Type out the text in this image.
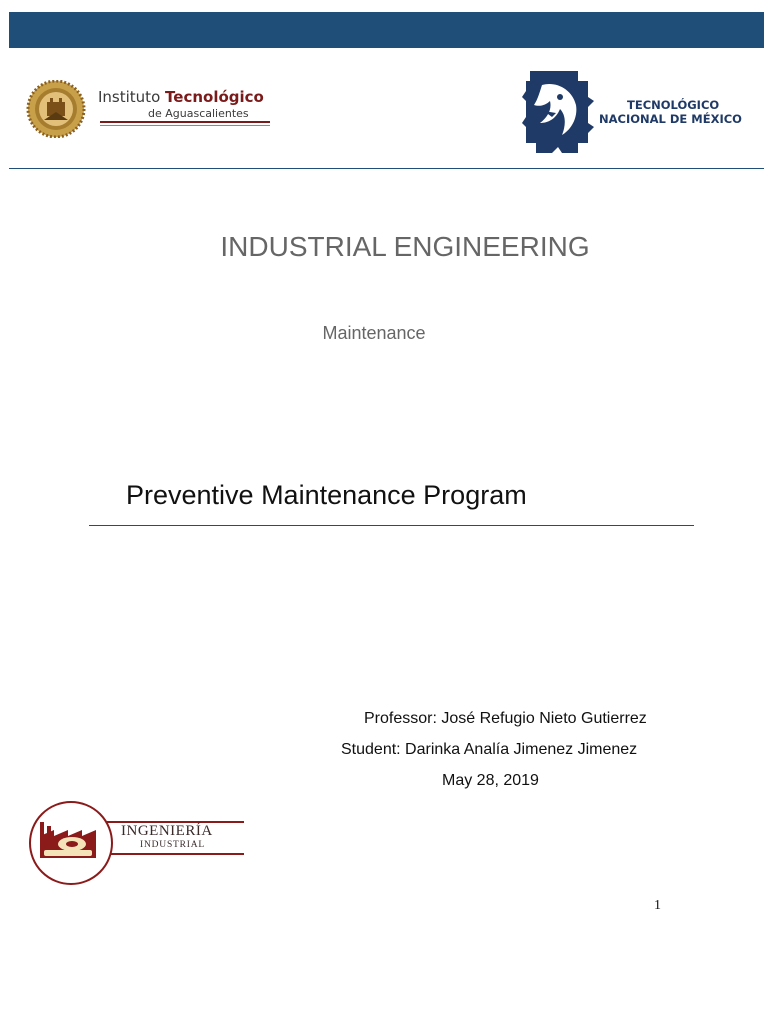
Instituto Tecnológico
de Aguascalientes
TECNOLÓGICO
NACIONAL DE MÉXICO
INDUSTRIAL ENGINEERING
Maintenance
Preventive Maintenance Program
Professor: José Refugio Nieto Gutierrez
Student: Darinka Analía Jimenez Jimenez
May 28, 2019
INGENIERÍA
INDUSTRIAL
1
